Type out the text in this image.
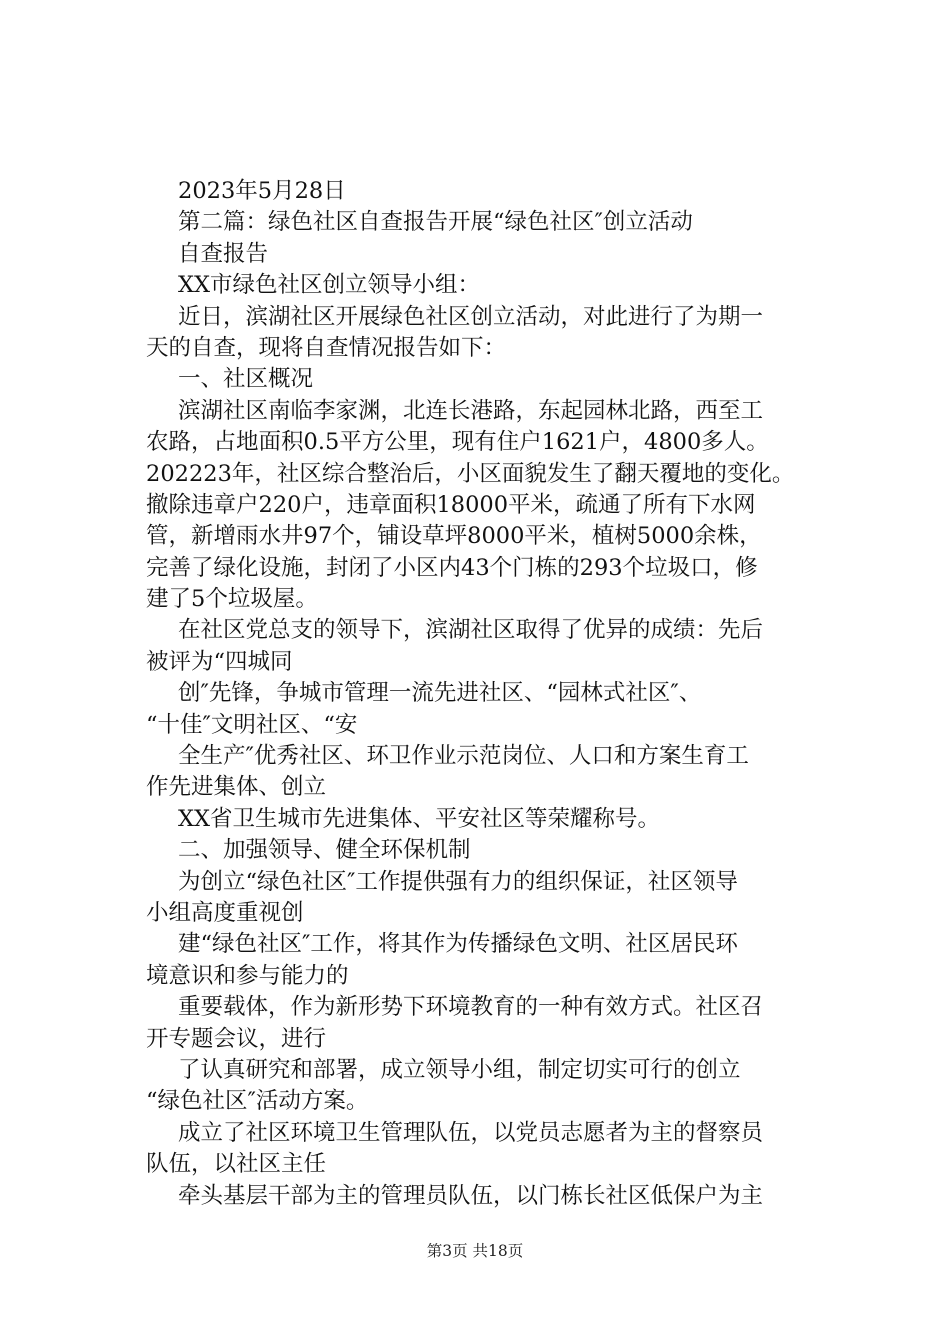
2023年5月28日
第二篇：绿色社区自查报告开展“绿色社区″创立活动
自查报告
XX市绿色社区创立领导小组：
近日，滨湖社区开展绿色社区创立活动，对此进行了为期一
天的自查，现将自查情况报告如下：
一、社区概况
滨湖社区南临李家渊，北连长港路，东起园林北路，西至工
农路，占地面积0.5平方公里，现有住户1621户，4800多人。
202223年，社区综合整治后，小区面貌发生了翻天覆地的变化。
撤除违章户220户，违章面积18000平米，疏通了所有下水网
管，新增雨水井97个，铺设草坪8000平米，植树5000余株，
完善了绿化设施，封闭了小区内43个门栋的293个垃圾口，修
建了5个垃圾屋。
在社区党总支的领导下，滨湖社区取得了优异的成绩：先后
被评为“四城同
创″先锋，争城市管理一流先进社区、“园林式社区″、
“十佳″文明社区、“安
全生产″优秀社区、环卫作业示范岗位、人口和方案生育工
作先进集体、创立
XX省卫生城市先进集体、平安社区等荣耀称号。
二、加强领导、健全环保机制
为创立“绿色社区″工作提供强有力的组织保证，社区领导
小组高度重视创
建“绿色社区″工作，将其作为传播绿色文明、社区居民环
境意识和参与能力的
重要载体，作为新形势下环境教育的一种有效方式。社区召
开专题会议，进行
了认真研究和部署，成立领导小组，制定切实可行的创立
“绿色社区″活动方案。
成立了社区环境卫生管理队伍，以党员志愿者为主的督察员
队伍，以社区主任
牵头基层干部为主的管理员队伍，以门栋长社区低保户为主
第3页 共18页
